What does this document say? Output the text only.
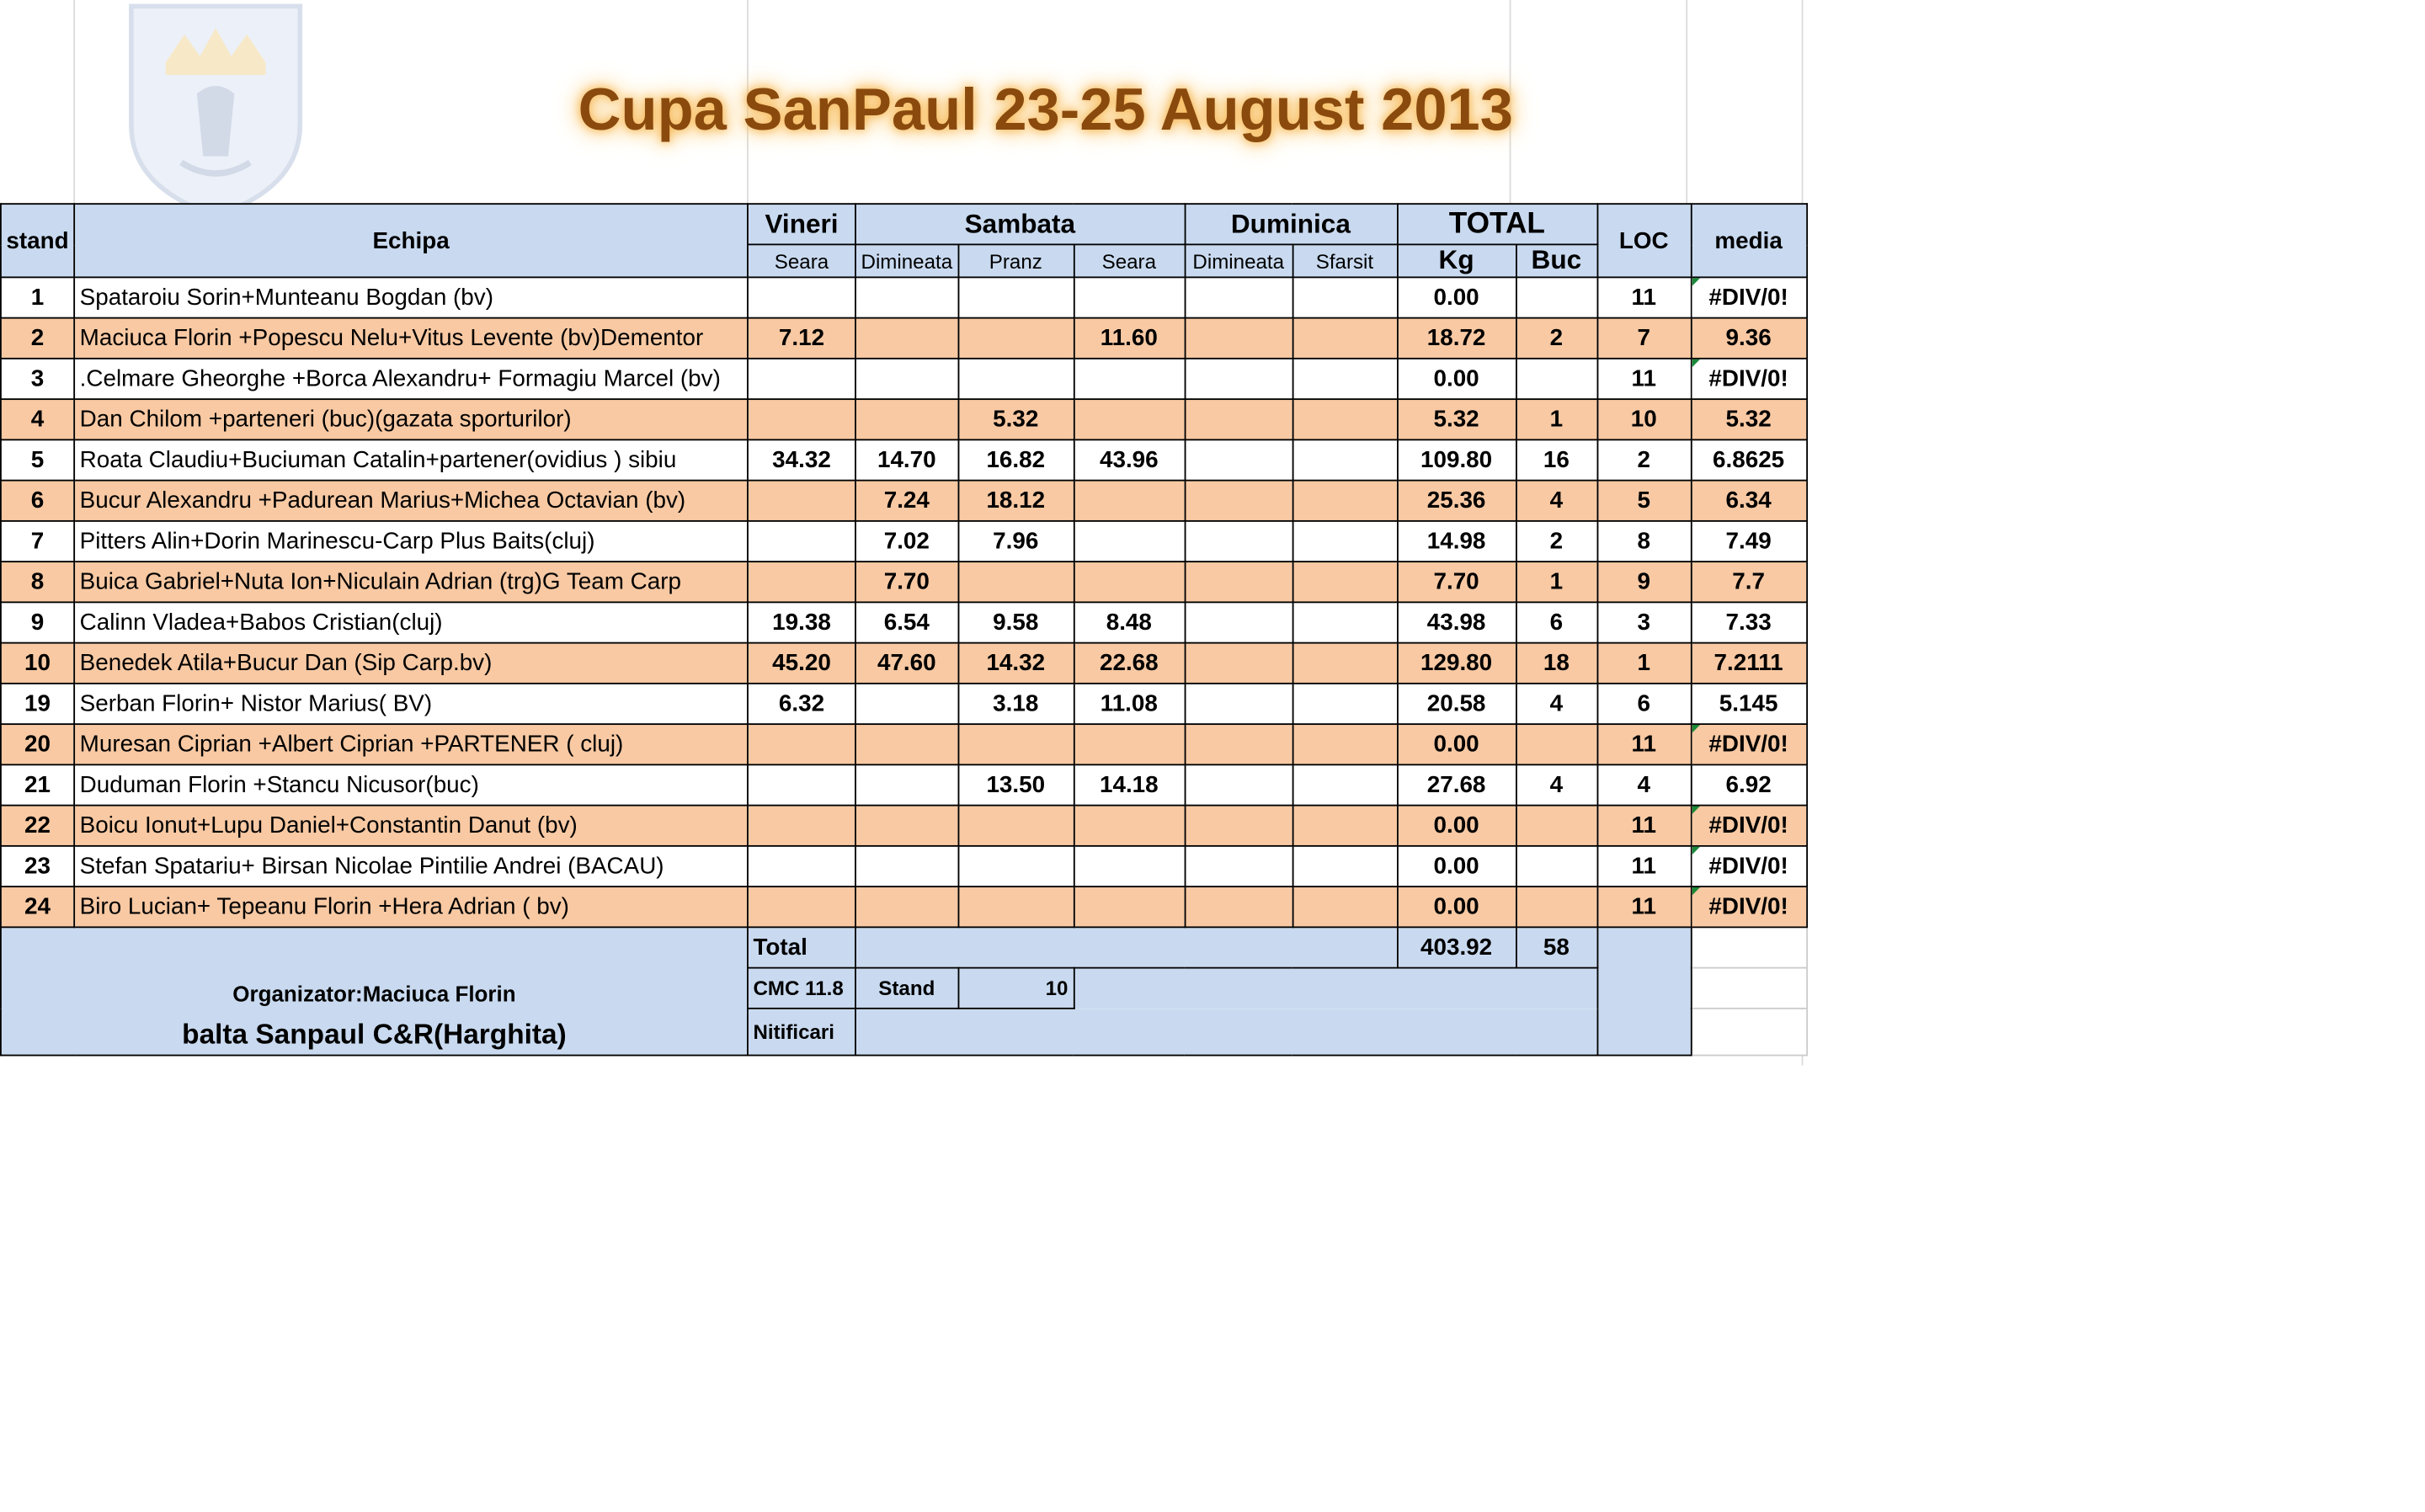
Cupa SanPaul 23-25 August 2013
stand	Echipa	Vineri	Sambata			Duminica		TOTAL		LOC	media
		Seara	Dimineata	Pranz	Seara	Dimineata	Sfarsit	Kg	Buc		
1	Spataroiu Sorin+Munteanu Bogdan (bv)							0.00		11	#DIV/0!
2	Maciuca Florin +Popescu Nelu+Vitus Levente (bv)Dementor	7.12			11.60			18.72	2	7	9.36
3	.Celmare Gheorghe +Borca Alexandru+ Formagiu Marcel (bv)							0.00		11	#DIV/0!
4	Dan Chilom +parteneri (buc)(gazata sporturilor)			5.32				5.32	1	10	5.32
5	Roata Claudiu+Buciuman Catalin+partener(ovidius ) sibiu	34.32	14.70	16.82	43.96			109.80	16	2	6.8625
6	Bucur Alexandru +Padurean Marius+Michea Octavian (bv)		7.24	18.12				25.36	4	5	6.34
7	Pitters Alin+Dorin Marinescu-Carp Plus Baits(cluj)		7.02	7.96				14.98	2	8	7.49
8	Buica Gabriel+Nuta Ion+Niculain Adrian (trg)G Team Carp		7.70					7.70	1	9	7.7
9	Calinn Vladea+Babos Cristian(cluj)	19.38	6.54	9.58	8.48			43.98	6	3	7.33
10	Benedek Atila+Bucur Dan (Sip Carp.bv)	45.20	47.60	14.32	22.68			129.80	18	1	7.2111
19	Serban Florin+ Nistor Marius( BV)	6.32		3.18	11.08			20.58	4	6	5.145
20	Muresan Ciprian +Albert Ciprian +PARTENER ( cluj)							0.00		11	#DIV/0!
21	Duduman Florin +Stancu Nicusor(buc)			13.50	14.18			27.68	4	4	6.92
22	Boicu Ionut+Lupu Daniel+Constantin Danut (bv)							0.00		11	#DIV/0!
23	Stefan Spatariu+ Birsan Nicolae Pintilie Andrei (BACAU)							0.00		11	#DIV/0!
24	Biro Lucian+ Tepeanu Florin +Hera Adrian ( bv)							0.00		11	#DIV/0!

Organizator:Maciuca Florin
balta Sanpaul C&R(Harghita)		Total						403.92	58		
		CMC 11.8	Stand	10							
		Nitificari									
